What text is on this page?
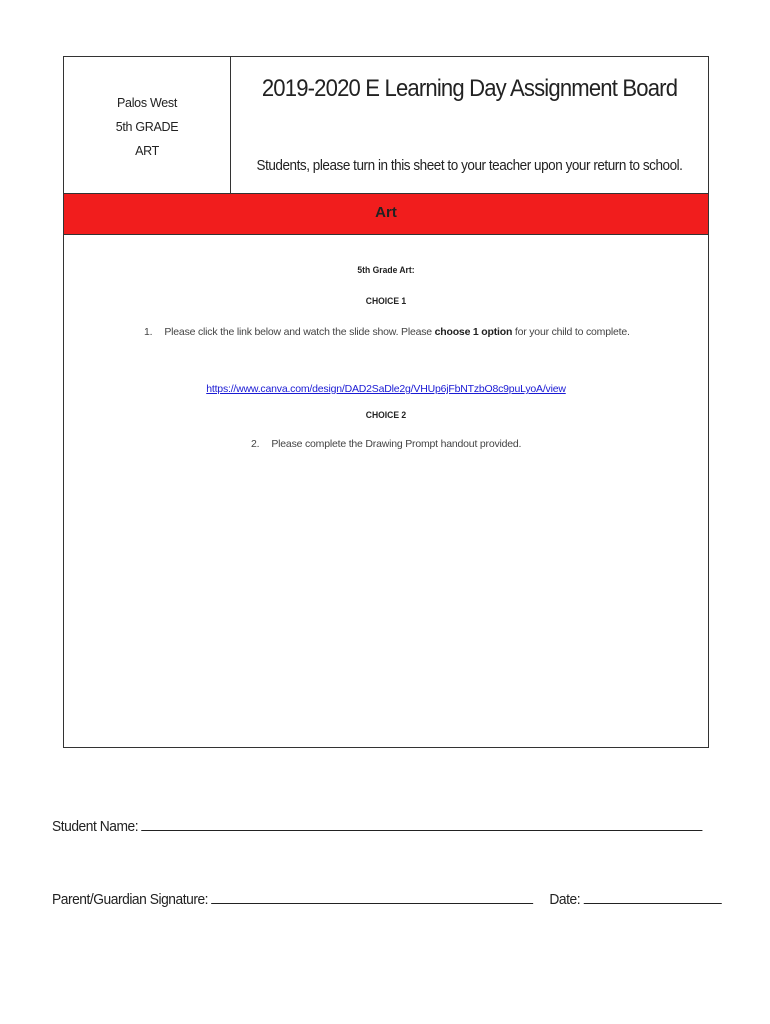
Palos West
5th GRADE
ART
2019-2020 E Learning Day Assignment Board
Students, please turn in this sheet to your teacher upon your return to school.
Art
5th Grade Art:
CHOICE 1
1. Please click the link below and watch the slide show. Please choose 1 option for your child to complete.
https://www.canva.com/design/DAD2SaDle2g/VHUp6jFbNTzbO8c9puLyoA/view
CHOICE 2
2. Please complete the Drawing Prompt handout provided.
Student Name:
Parent/Guardian Signature:	Date:
